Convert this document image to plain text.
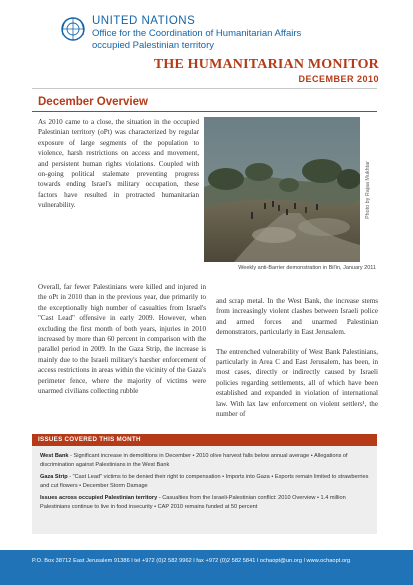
UNITED NATIONS
Office for the Coordination of Humanitarian Affairs
occupied Palestinian territory
THE HUMANITARIAN MONITOR
DECEMBER 2010
December Overview
As 2010 came to a close, the situation in the occupied Palestinian territory (oPt) was characterized by regular exposure of large segments of the population to violence, harsh restrictions on access and movement, and persistent human rights violations. Coupled with on-going political stalemate preventing progress towards ending Israel's military occupation, these factors have resulted in protracted humanitarian vulnerability.	Photo by Rajaa Mukhtar
Weekly anti-Barrier demonstration in Bil'in, January 2011
Overall, far fewer Palestinians were killed and injured in the oPt in 2010 than in the previous year, due primarily to the exceptionally high number of casualties from Israel's "Cast Lead" offensive in early 2009. However, when excluding the first month of both years, injuries in 2010 increased by more than 60 percent in comparison with the parallel period in 2009. In the Gaza Strip, the increase is mainly due to the Israeli military's harsher enforcement of access restrictions in areas within the vicinity of the Gaza's perimeter fence, where the majority of victims were unarmed civilians collecting rubble

and scrap metal. In the West Bank, the increase stems from increasingly violent clashes between Israeli police and armed forces and unarmed Palestinian demonstrators, particularly in East Jerusalem.

The entrenched vulnerability of West Bank Palestinians, particularly in Area C and East Jerusalem, has been, in most cases, directly or indirectly caused by Israeli policies regarding settlements, all of which have been established and expanded in violation of international law. With lax law enforcement on violent settlers¹, the number of

ISSUES COVERED THIS MONTH
West Bank - Significant increase in demolitions in December • 2010 olive harvest falls below annual average • Allegations of discrimination against Palestinians in the West Bank
Gaza Strip - "Cast Lead" victims to be denied their right to compensation • Imports into Gaza • Exports remain limited to strawberries and cut flowers • December Storm Damage
Issues across occupied Palestinian territory - Casualties from the Israeli-Palestinian conflict: 2010 Overview • 1.4 million Palestinians continue to live in food insecurity • CAP 2010 remains funded at 50 percent
P.O. Box 38712 East Jerusalem 91386 l tel +972 (0)2 582 9962 l fax +972 (0)2 582 5841 l ochaopt@un.org l www.ochaopt.org
